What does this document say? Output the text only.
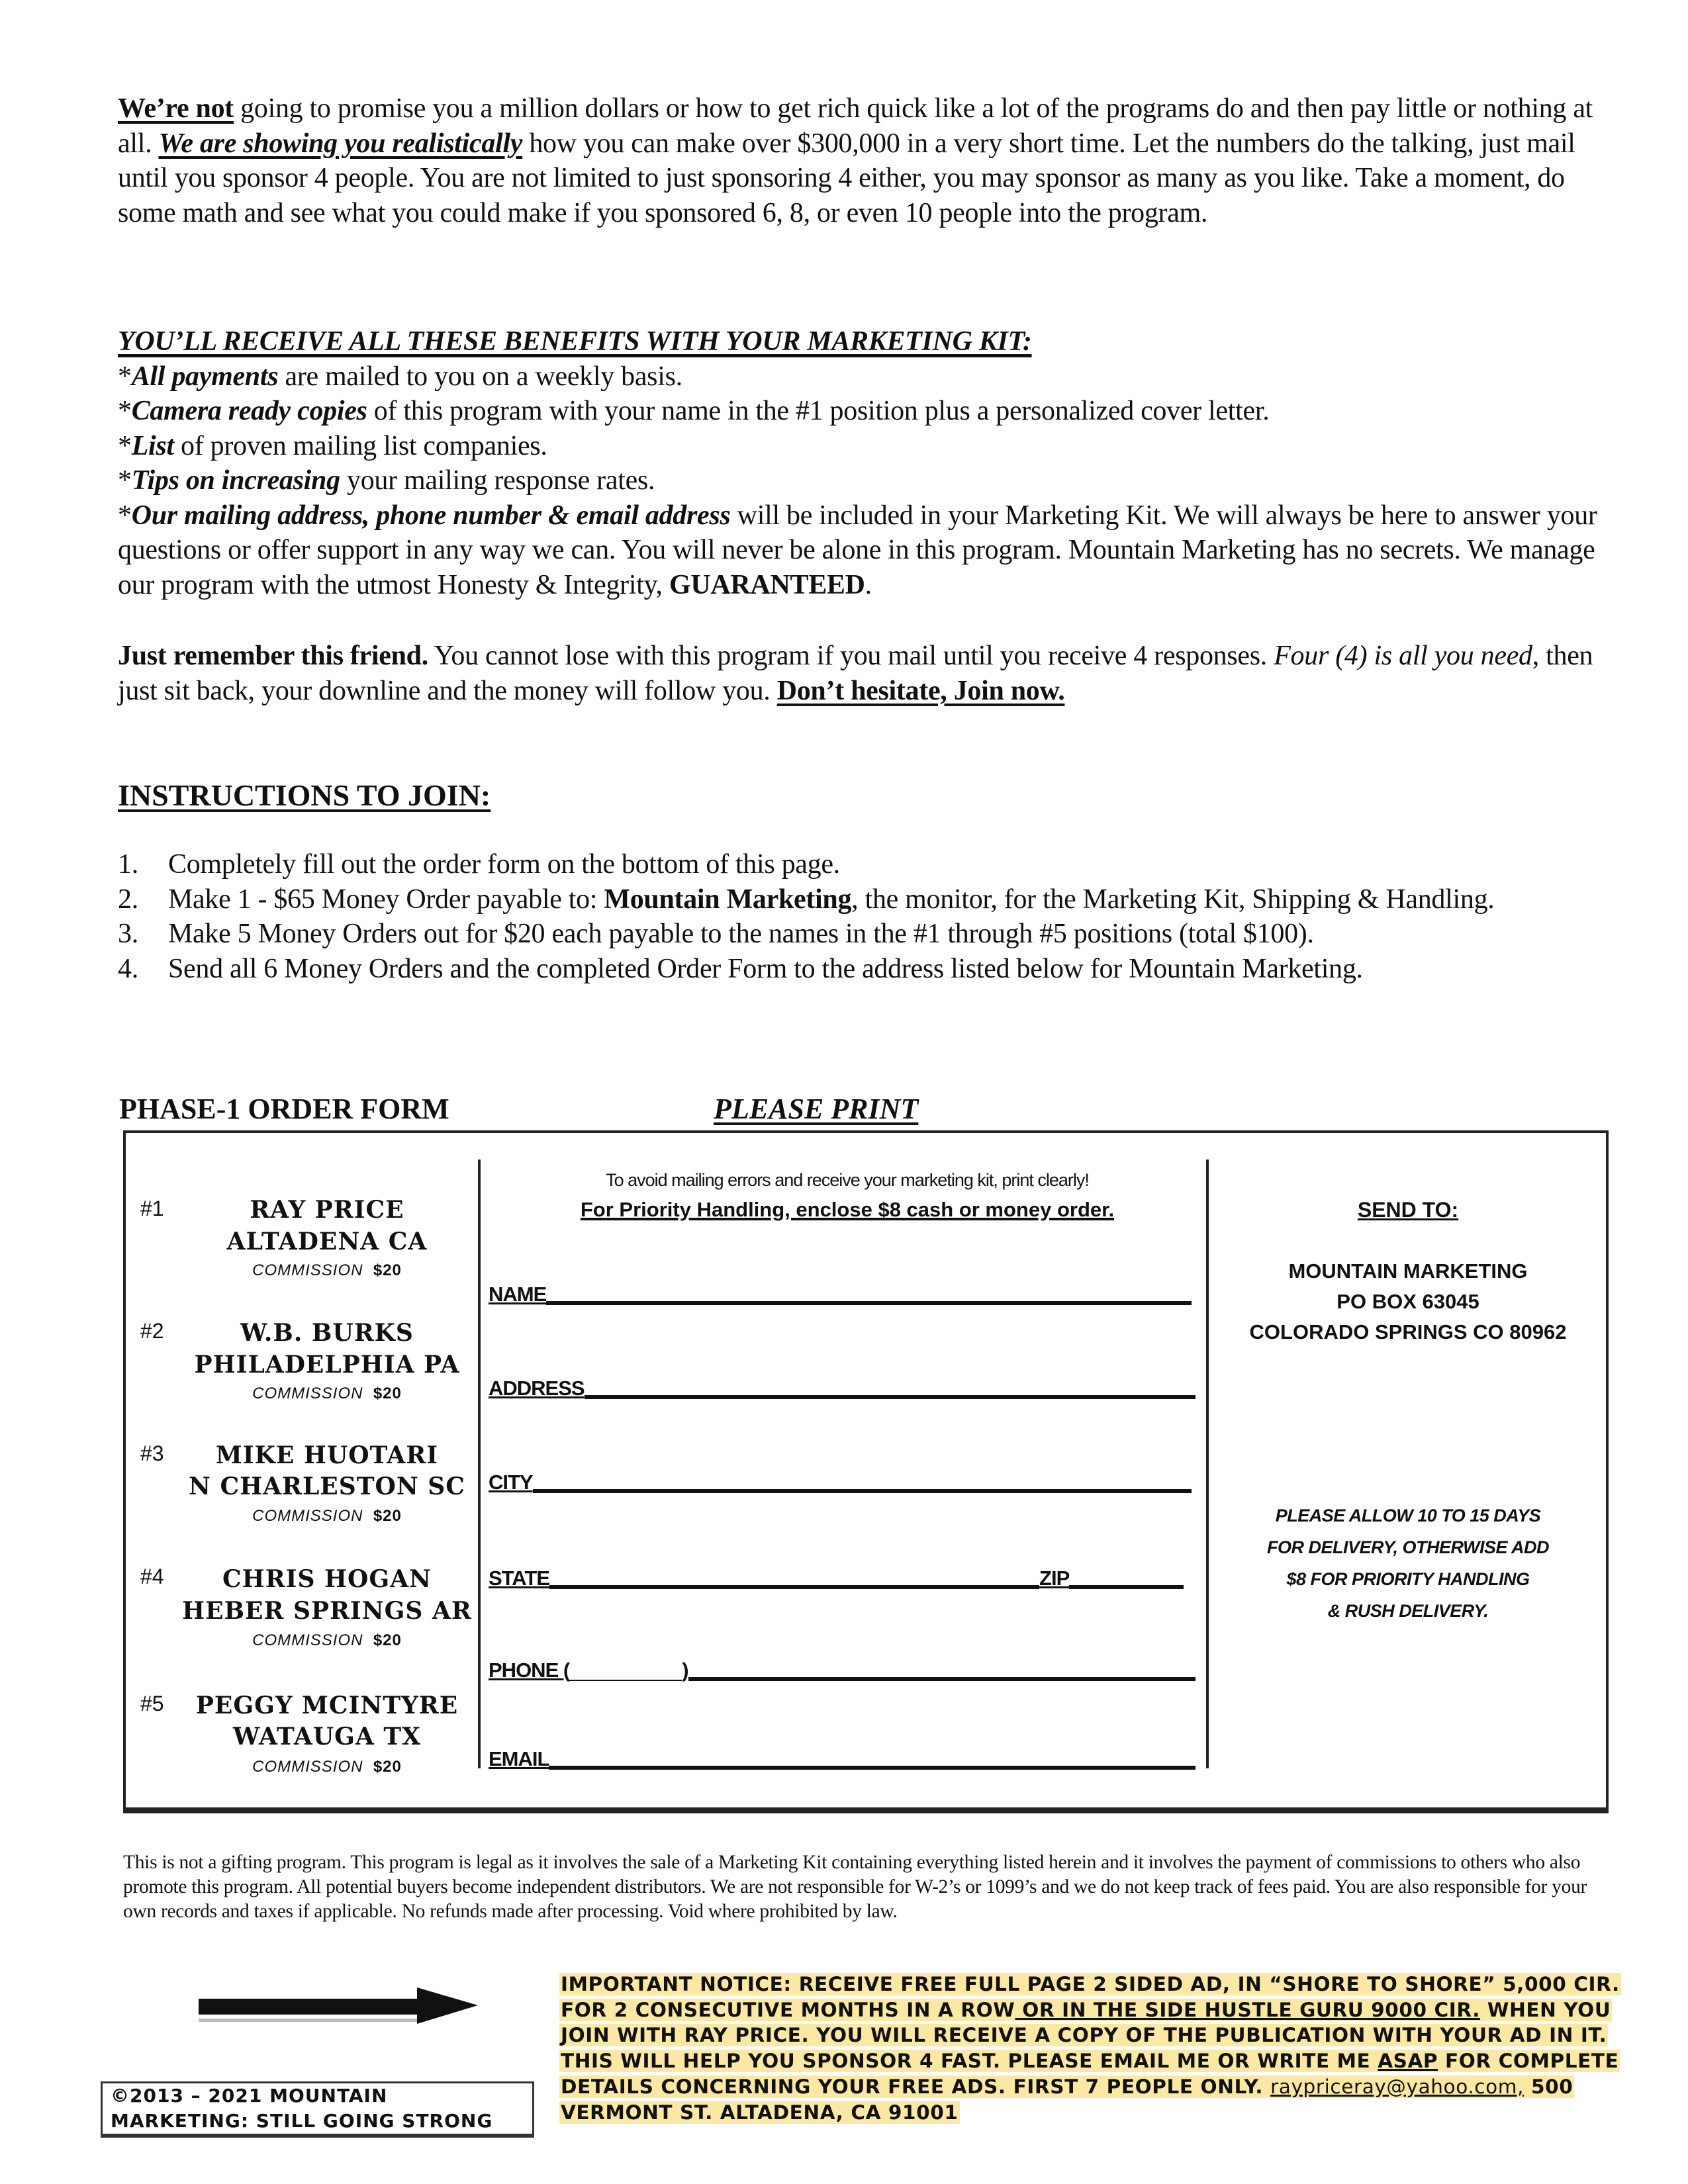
We’re not going to promise you a million dollars or how to get rich quick like a lot of the programs do and then pay little or nothing at all. We are showing you realistically how you can make over $300,000 in a very short time. Let the numbers do the talking, just mail until you sponsor 4 people. You are not limited to just sponsoring 4 either, you may sponsor as many as you like. Take a moment, do some math and see what you could make if you sponsored 6, 8, or even 10 people into the program.

YOU’LL RECEIVE ALL THESE BENEFITS WITH YOUR MARKETING KIT:

*All payments are mailed to you on a weekly basis.

*Camera ready copies of this program with your name in the #1 position plus a personalized cover letter.

*List of proven mailing list companies.

*Tips on increasing your mailing response rates.

*Our mailing address, phone number & email address will be included in your Marketing Kit. We will always be here to answer your questions or offer support in any way we can. You will never be alone in this program. Mountain Marketing has no secrets. We manage our program with the utmost Honesty & Integrity, GUARANTEED.

Just remember this friend. You cannot lose with this program if you mail until you receive 4 responses. Four (4) is all you need, then just sit back, your downline and the money will follow you. Don’t hesitate, Join now.

INSTRUCTIONS TO JOIN:
1. Completely fill out the order form on the bottom of this page.
2. Make 1 - $65 Money Order payable to: Mountain Marketing, the monitor, for the Marketing Kit, Shipping & Handling.
3. Make 5 Money Orders out for $20 each payable to the names in the #1 through #5 positions (total $100).
4. Send all 6 Money Orders and the completed Order Form to the address listed below for Mountain Marketing.
PHASE-1 ORDER FORM	PLEASE PRINT
#1	RAY PRICE
ALTADENA CA
COMMISSION $20
#2	W.B. BURKS
PHILADELPHIA PA
COMMISSION $20
#3	MIKE HUOTARI
N CHARLESTON SC
COMMISSION $20
#4	CHRIS HOGAN
HEBER SPRINGS AR
COMMISSION $20
#5	PEGGY MCINTYRE
WATAUGA TX
COMMISSION $20
To avoid mailing errors and receive your marketing kit, print clearly!
For Priority Handling, enclose $8 cash or money order.
NAME
ADDRESS
CITY
STATE	ZIP
PHONE (	)
EMAIL
SEND TO:
MOUNTAIN MARKETING
PO BOX 63045
COLORADO SPRINGS CO 80962
PLEASE ALLOW 10 TO 15 DAYS
FOR DELIVERY, OTHERWISE ADD
$8 FOR PRIORITY HANDLING
& RUSH DELIVERY.
This is not a gifting program. This program is legal as it involves the sale of a Marketing Kit containing everything listed herein and it involves the payment of commissions to others who also promote this program. All potential buyers become independent distributors. We are not responsible for W-2’s or 1099’s and we do not keep track of fees paid. You are also responsible for your own records and taxes if applicable. No refunds made after processing. Void where prohibited by law.
©2013 – 2021 MOUNTAIN
MARKETING: STILL GOING STRONG
IMPORTANT NOTICE: RECEIVE FREE FULL PAGE 2 SIDED AD, IN “SHORE TO SHORE” 5,000 CIR. FOR 2 CONSECUTIVE MONTHS IN A ROW OR IN THE SIDE HUSTLE GURU 9000 CIR. WHEN YOU JOIN WITH RAY PRICE. YOU WILL RECEIVE A COPY OF THE PUBLICATION WITH YOUR AD IN IT. THIS WILL HELP YOU SPONSOR 4 FAST. PLEASE EMAIL ME OR WRITE ME ASAP FOR COMPLETE DETAILS CONCERNING YOUR FREE ADS. FIRST 7 PEOPLE ONLY. raypriceray@yahoo.com, 500 VERMONT ST. ALTADENA, CA 91001
